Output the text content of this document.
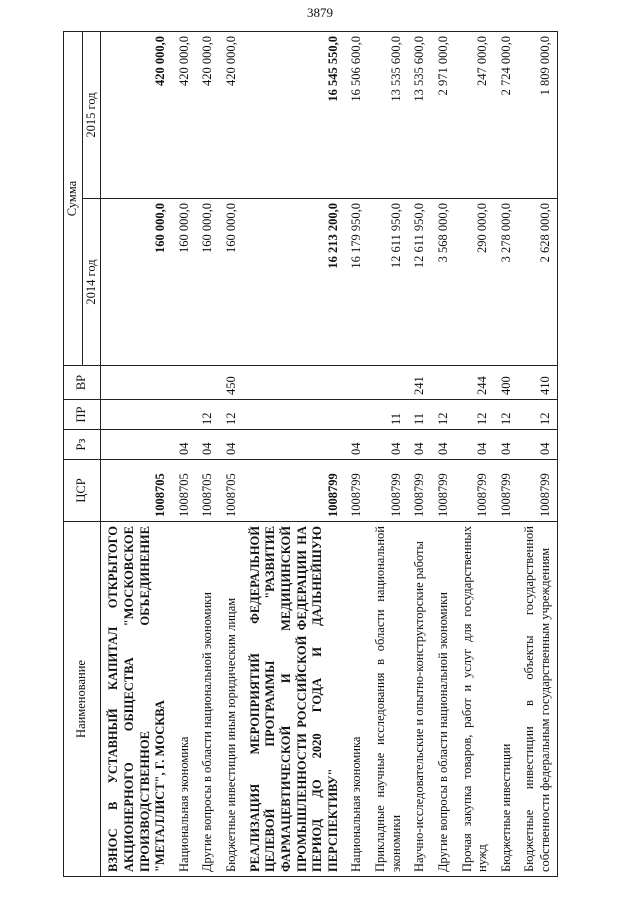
3879
Наименование	ЦСР	Рз	ПР	ВР	Сумма	
					2014 год	2015 год
ВЗНОС В УСТАВНЫЙ КАПИТАЛ ОТКРЫТОГО АКЦИОНЕРНОГО ОБЩЕСТВА "МОСКОВСКОЕ ПРОИЗВОДСТВЕННОЕ ОБЪЕДИНЕНИЕ "МЕТАЛЛИСТ", Г. МОСКВА	1008705				160 000,0	420 000,0
Национальная экономика	1008705	04			160 000,0	420 000,0
Другие вопросы в области национальной экономики	1008705	04	12		160 000,0	420 000,0
Бюджетные инвестиции иным юридическим лицам	1008705	04	12	450	160 000,0	420 000,0
РЕАЛИЗАЦИЯ МЕРОПРИЯТИЙ ФЕДЕРАЛЬНОЙ ЦЕЛЕВОЙ ПРОГРАММЫ "РАЗВИТИЕ ФАРМАЦЕВТИЧЕСКОЙ И МЕДИЦИНСКОЙ ПРОМЫШЛЕННОСТИ РОССИЙСКОЙ ФЕДЕРАЦИИ НА ПЕРИОД ДО 2020 ГОДА И ДАЛЬНЕЙШУЮ ПЕРСПЕКТИВУ"	1008799				16 213 200,0	16 545 550,0
Национальная экономика	1008799	04			16 179 950,0	16 506 600,0
Прикладные научные исследования в области национальной экономики	1008799	04	11		12 611 950,0	13 535 600,0
Научно-исследовательские и опытно-конструкторские работы	1008799	04	11	241	12 611 950,0	13 535 600,0
Другие вопросы в области национальной экономики	1008799	04	12		3 568 000,0	2 971 000,0
Прочая закупка товаров, работ и услуг для государственных нужд	1008799	04	12	244	290 000,0	247 000,0
Бюджетные инвестиции	1008799	04	12	400	3 278 000,0	2 724 000,0
Бюджетные инвестиции в объекты государственной собственности федеральным государственным учреждениям	1008799	04	12	410	2 628 000,0	1 809 000,0
